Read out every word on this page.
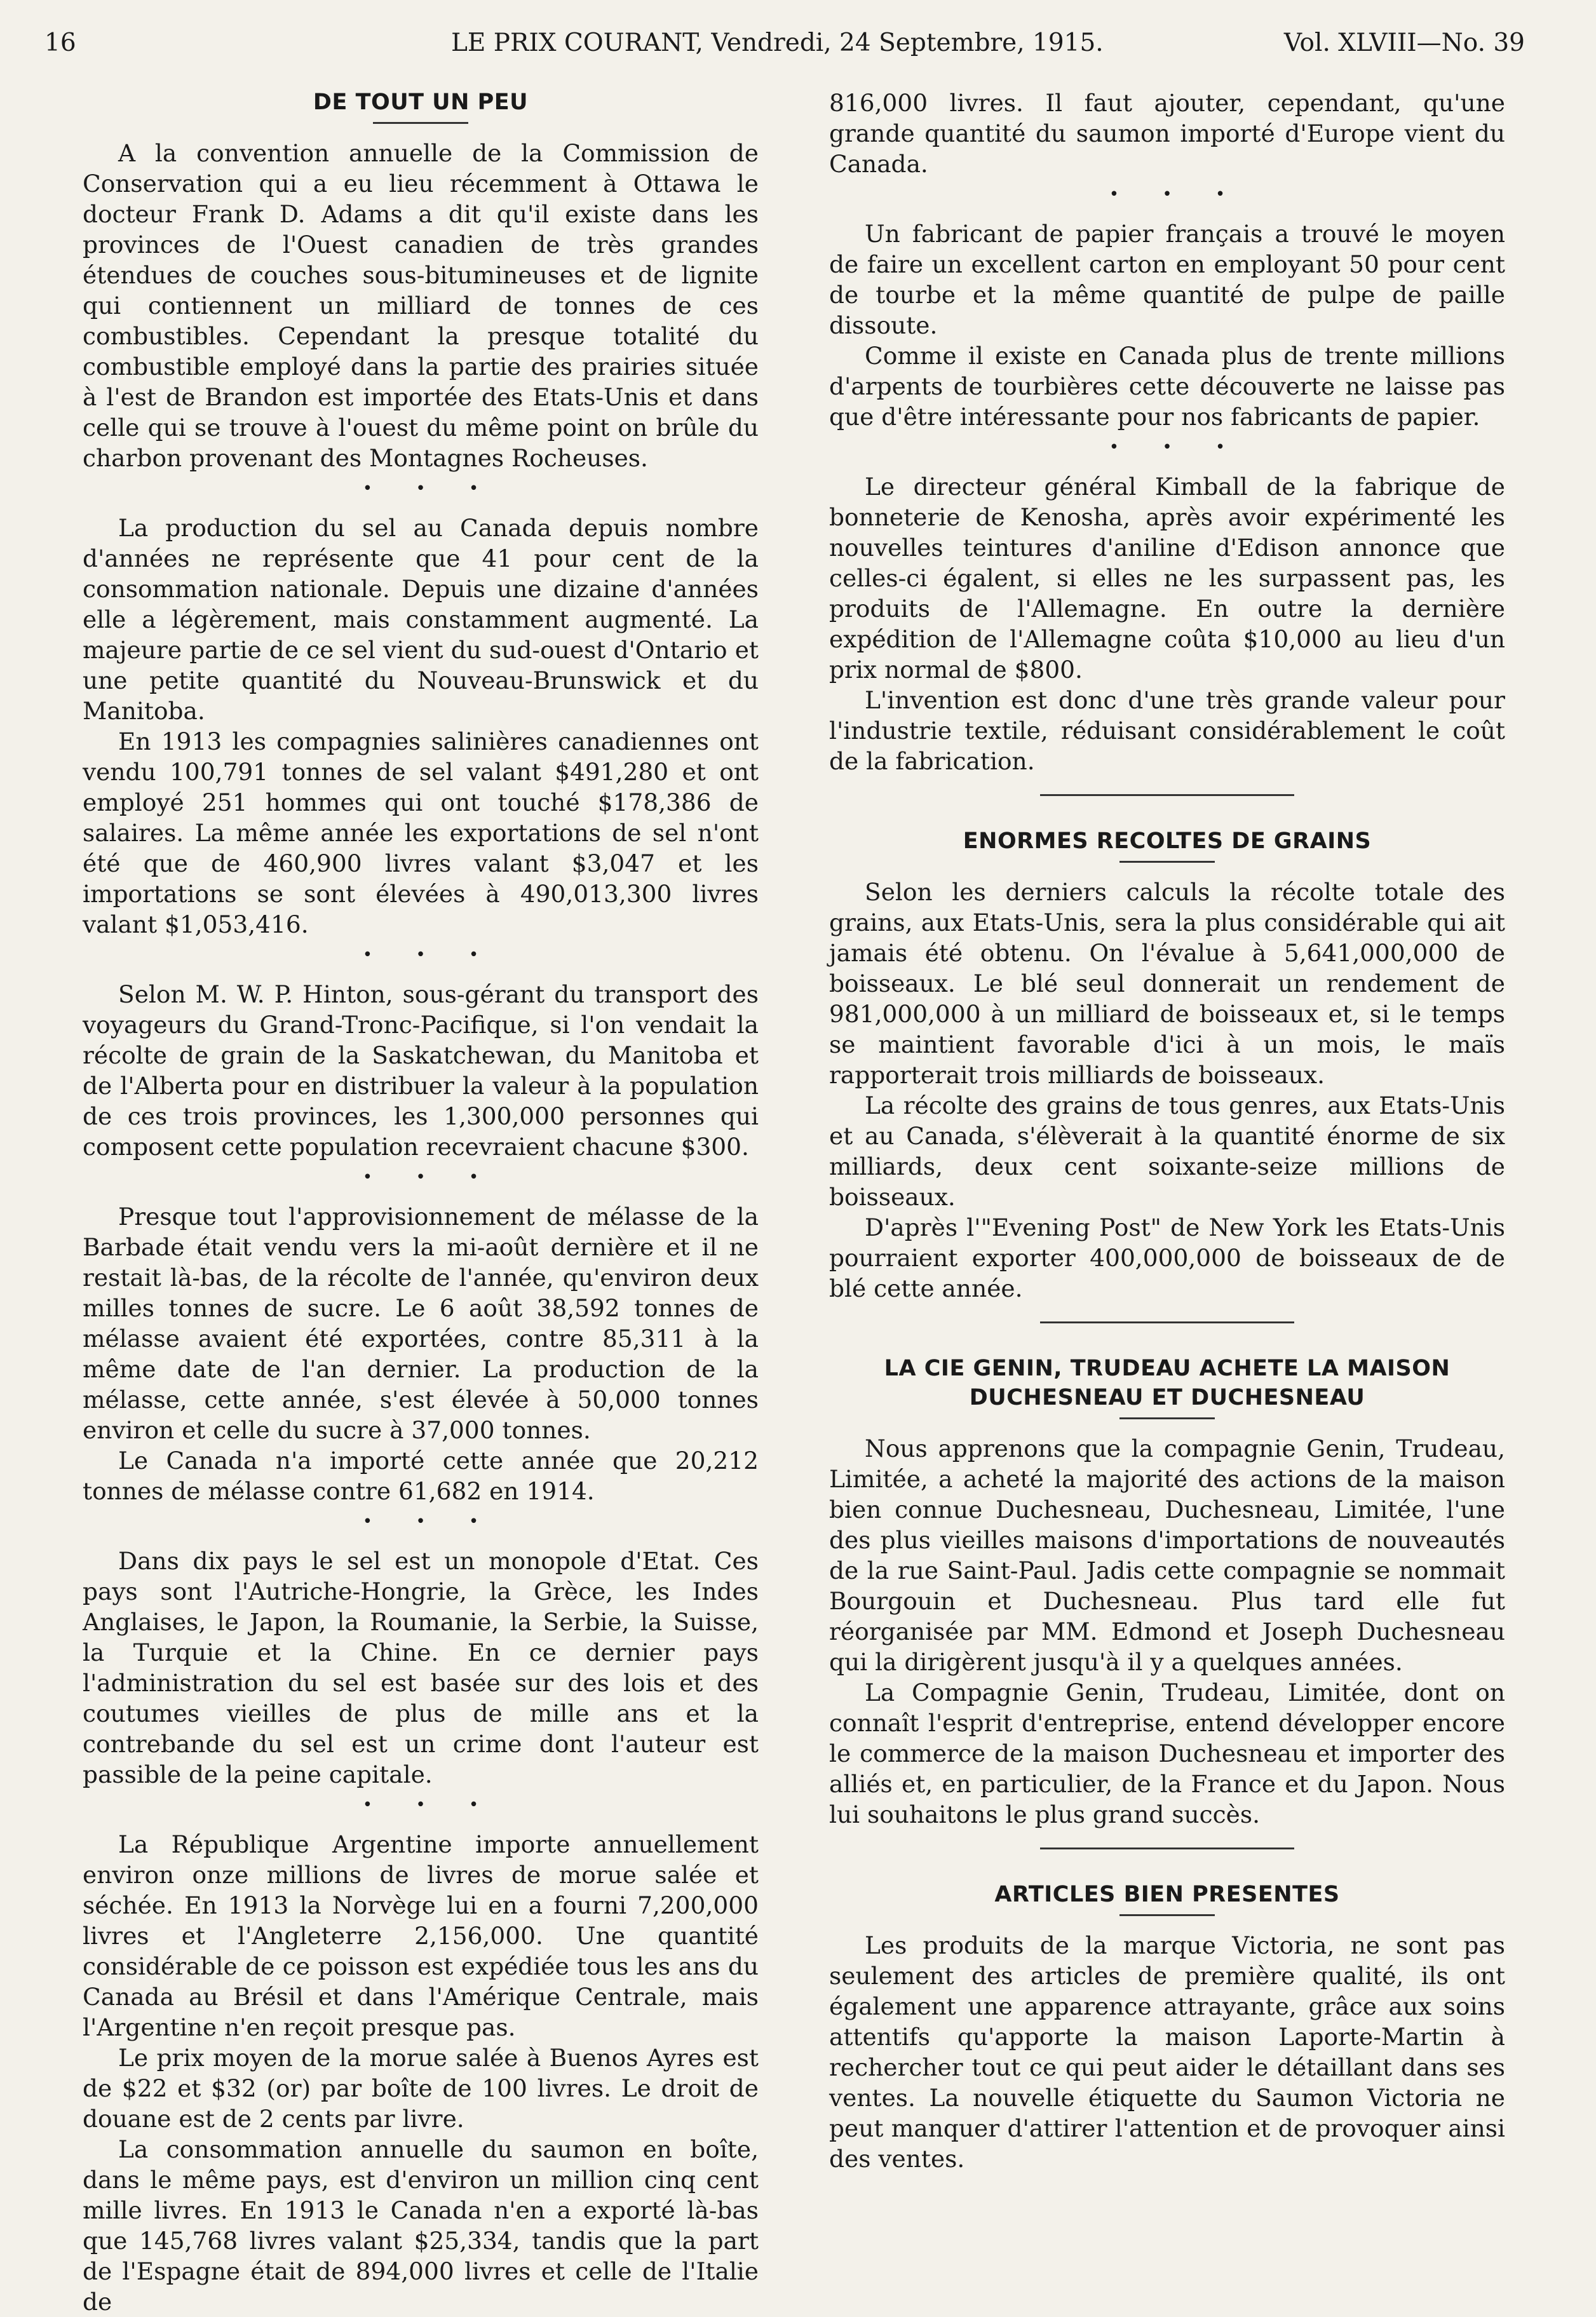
16	LE PRIX COURANT, Vendredi, 24 Septembre, 1915.	Vol. XLVIII—No. 39
DE TOUT UN PEU

A la convention annuelle de la Commission de Conservation qui a eu lieu récemment à Ottawa le docteur Frank D. Adams a dit qu'il existe dans les provinces de l'Ouest canadien de très grandes étendues de couches sous-bitumineuses et de lignite qui contiennent un milliard de tonnes de ces combustibles. Cependant la presque totalité du combustible employé dans la partie des prairies située à l'est de Brandon est importée des Etats-Unis et dans celle qui se trouve à l'ouest du même point on brûle du charbon provenant des Montagnes Rocheuses.

• • •

La production du sel au Canada depuis nombre d'années ne représente que 41 pour cent de la consommation nationale. Depuis une dizaine d'années elle a légèrement, mais constamment augmenté. La majeure partie de ce sel vient du sud-ouest d'Ontario et une petite quantité du Nouveau-Brunswick et du Manitoba.

En 1913 les compagnies salinières canadiennes ont vendu 100,791 tonnes de sel valant $491,280 et ont employé 251 hommes qui ont touché $178,386 de salaires. La même année les exportations de sel n'ont été que de 460,900 livres valant $3,047 et les importations se sont élevées à 490,013,300 livres valant $1,053,416.

• • •

Selon M. W. P. Hinton, sous-gérant du transport des voyageurs du Grand-Tronc-Pacifique, si l'on vendait la récolte de grain de la Saskatchewan, du Manitoba et de l'Alberta pour en distribuer la valeur à la population de ces trois provinces, les 1,300,000 personnes qui composent cette population recevraient chacune $300.

• • •

Presque tout l'approvisionnement de mélasse de la Barbade était vendu vers la mi-août dernière et il ne restait là-bas, de la récolte de l'année, qu'environ deux milles tonnes de sucre. Le 6 août 38,592 tonnes de mélasse avaient été exportées, contre 85,311 à la même date de l'an dernier. La production de la mélasse, cette année, s'est élevée à 50,000 tonnes environ et celle du sucre à 37,000 tonnes.

Le Canada n'a importé cette année que 20,212 tonnes de mélasse contre 61,682 en 1914.

• • •

Dans dix pays le sel est un monopole d'Etat. Ces pays sont l'Autriche-Hongrie, la Grèce, les Indes Anglaises, le Japon, la Roumanie, la Serbie, la Suisse, la Turquie et la Chine. En ce dernier pays l'administration du sel est basée sur des lois et des coutumes vieilles de plus de mille ans et la contrebande du sel est un crime dont l'auteur est passible de la peine capitale.

• • •

La République Argentine importe annuellement environ onze millions de livres de morue salée et séchée. En 1913 la Norvège lui en a fourni 7,200,000 livres et l'Angleterre 2,156,000. Une quantité considérable de ce poisson est expédiée tous les ans du Canada au Brésil et dans l'Amérique Centrale, mais l'Argentine n'en reçoit presque pas.

Le prix moyen de la morue salée à Buenos Ayres est de $22 et $32 (or) par boîte de 100 livres. Le droit de douane est de 2 cents par livre.

La consommation annuelle du saumon en boîte, dans le même pays, est d'environ un million cinq cent mille livres. En 1913 le Canada n'en a exporté là-bas que 145,768 livres valant $25,334, tandis que la part de l'Espagne était de 894,000 livres et celle de l'Italie de

816,000 livres. Il faut ajouter, cependant, qu'une grande quantité du saumon importé d'Europe vient du Canada.

• • •

Un fabricant de papier français a trouvé le moyen de faire un excellent carton en employant 50 pour cent de tourbe et la même quantité de pulpe de paille dissoute.

Comme il existe en Canada plus de trente millions d'arpents de tourbières cette découverte ne laisse pas que d'être intéressante pour nos fabricants de papier.

• • •

Le directeur général Kimball de la fabrique de bonneterie de Kenosha, après avoir expérimenté les nouvelles teintures d'aniline d'Edison annonce que celles-ci égalent, si elles ne les surpassent pas, les produits de l'Allemagne. En outre la dernière expédition de l'Allemagne coûta $10,000 au lieu d'un prix normal de $800.

L'invention est donc d'une très grande valeur pour l'industrie textile, réduisant considérablement le coût de la fabrication.

ENORMES RECOLTES DE GRAINS

Selon les derniers calculs la récolte totale des grains, aux Etats-Unis, sera la plus considérable qui ait jamais été obtenu. On l'évalue à 5,641,000,000 de boisseaux. Le blé seul donnerait un rendement de 981,000,000 à un milliard de boisseaux et, si le temps se maintient favorable d'ici à un mois, le maïs rapporterait trois milliards de boisseaux.

La récolte des grains de tous genres, aux Etats-Unis et au Canada, s'élèverait à la quantité énorme de six milliards, deux cent soixante-seize millions de boisseaux.

D'après l'"Evening Post" de New York les Etats-Unis pourraient exporter 400,000,000 de boisseaux de de blé cette année.

LA CIE GENIN, TRUDEAU ACHETE LA MAISON DUCHESNEAU ET DUCHESNEAU

Nous apprenons que la compagnie Genin, Trudeau, Limitée, a acheté la majorité des actions de la maison bien connue Duchesneau, Duchesneau, Limitée, l'une des plus vieilles maisons d'importations de nouveautés de la rue Saint-Paul. Jadis cette compagnie se nommait Bourgouin et Duchesneau. Plus tard elle fut réorganisée par MM. Edmond et Joseph Duchesneau qui la dirigèrent jusqu'à il y a quelques années.

La Compagnie Genin, Trudeau, Limitée, dont on connaît l'esprit d'entreprise, entend développer encore le commerce de la maison Duchesneau et importer des alliés et, en particulier, de la France et du Japon. Nous lui souhaitons le plus grand succès.

ARTICLES BIEN PRESENTES

Les produits de la marque Victoria, ne sont pas seulement des articles de première qualité, ils ont également une apparence attrayante, grâce aux soins attentifs qu'apporte la maison Laporte-Martin à rechercher tout ce qui peut aider le détaillant dans ses ventes. La nouvelle étiquette du Saumon Victoria ne peut manquer d'attirer l'attention et de provoquer ainsi des ventes.
